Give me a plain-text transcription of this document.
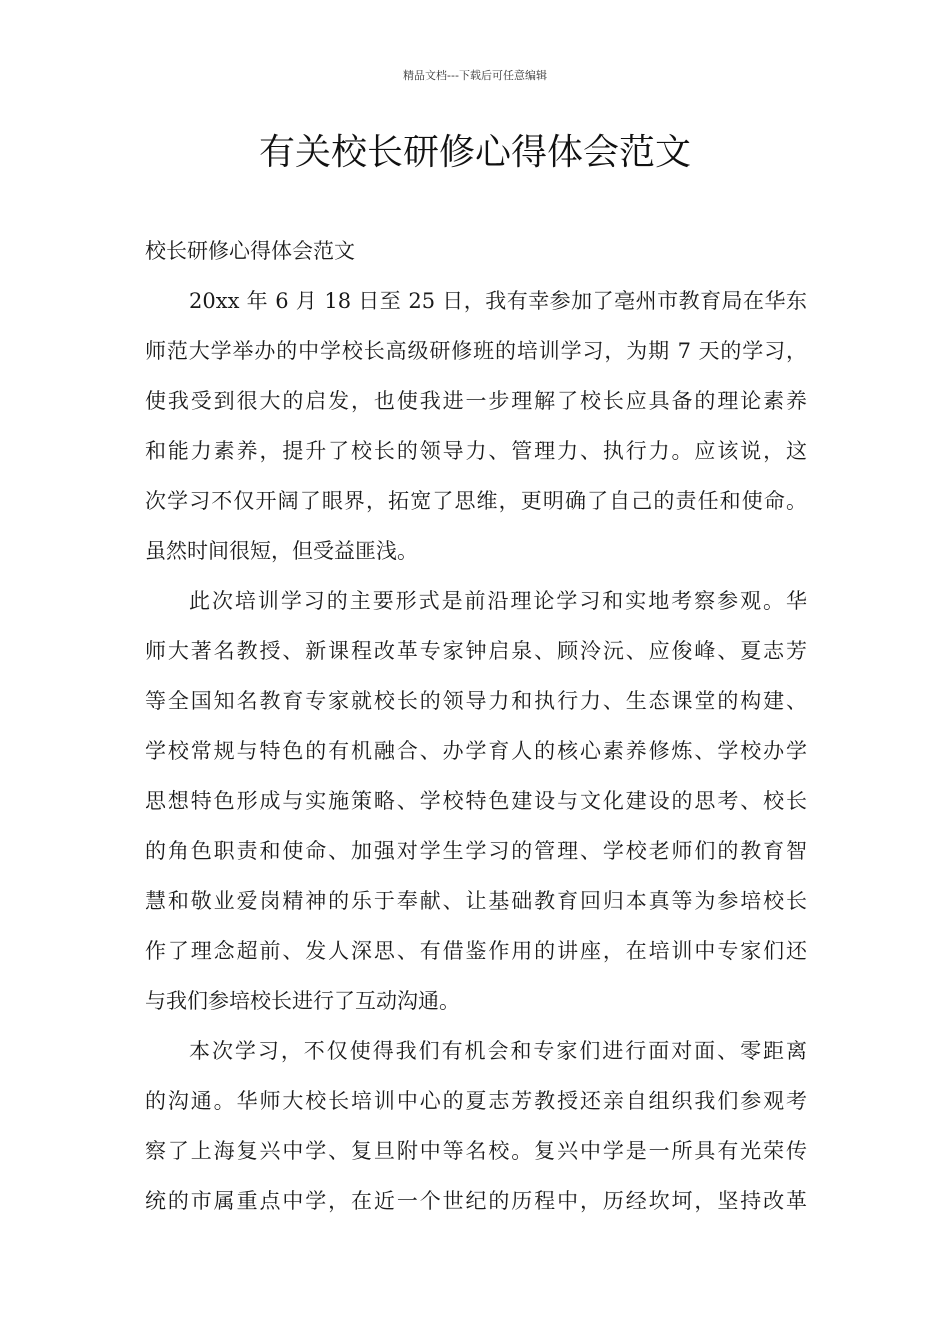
精品文档---下载后可任意编辑
有关校长研修心得体会范文

校长研修心得体会范文

20xx 年 6 月 18 日至 25 日，我有幸参加了亳州市教育局在华东
师范大学举办的中学校长高级研修班的培训学习，为期 7 天的学习，
使我受到很大的启发，也使我进一步理解了校长应具备的理论素养
和能力素养，提升了校长的领导力、管理力、执行力。应该说，这
次学习不仅开阔了眼界，拓宽了思维，更明确了自己的责任和使命。
虽然时间很短，但受益匪浅。

此次培训学习的主要形式是前沿理论学习和实地考察参观。华
师大著名教授、新课程改革专家钟启泉、顾泠沅、应俊峰、夏志芳
等全国知名教育专家就校长的领导力和执行力、生态课堂的构建、
学校常规与特色的有机融合、办学育人的核心素养修炼、学校办学
思想特色形成与实施策略、学校特色建设与文化建设的思考、校长
的角色职责和使命、加强对学生学习的管理、学校老师们的教育智
慧和敬业爱岗精神的乐于奉献、让基础教育回归本真等为参培校长
作了理念超前、发人深思、有借鉴作用的讲座，在培训中专家们还
与我们参培校长进行了互动沟通。

本次学习，不仅使得我们有机会和专家们进行面对面、零距离
的沟通。华师大校长培训中心的夏志芳教授还亲自组织我们参观考
察了上海复兴中学、复旦附中等名校。复兴中学是一所具有光荣传
统的市属重点中学，在近一个世纪的历程中，历经坎坷，坚持改革
